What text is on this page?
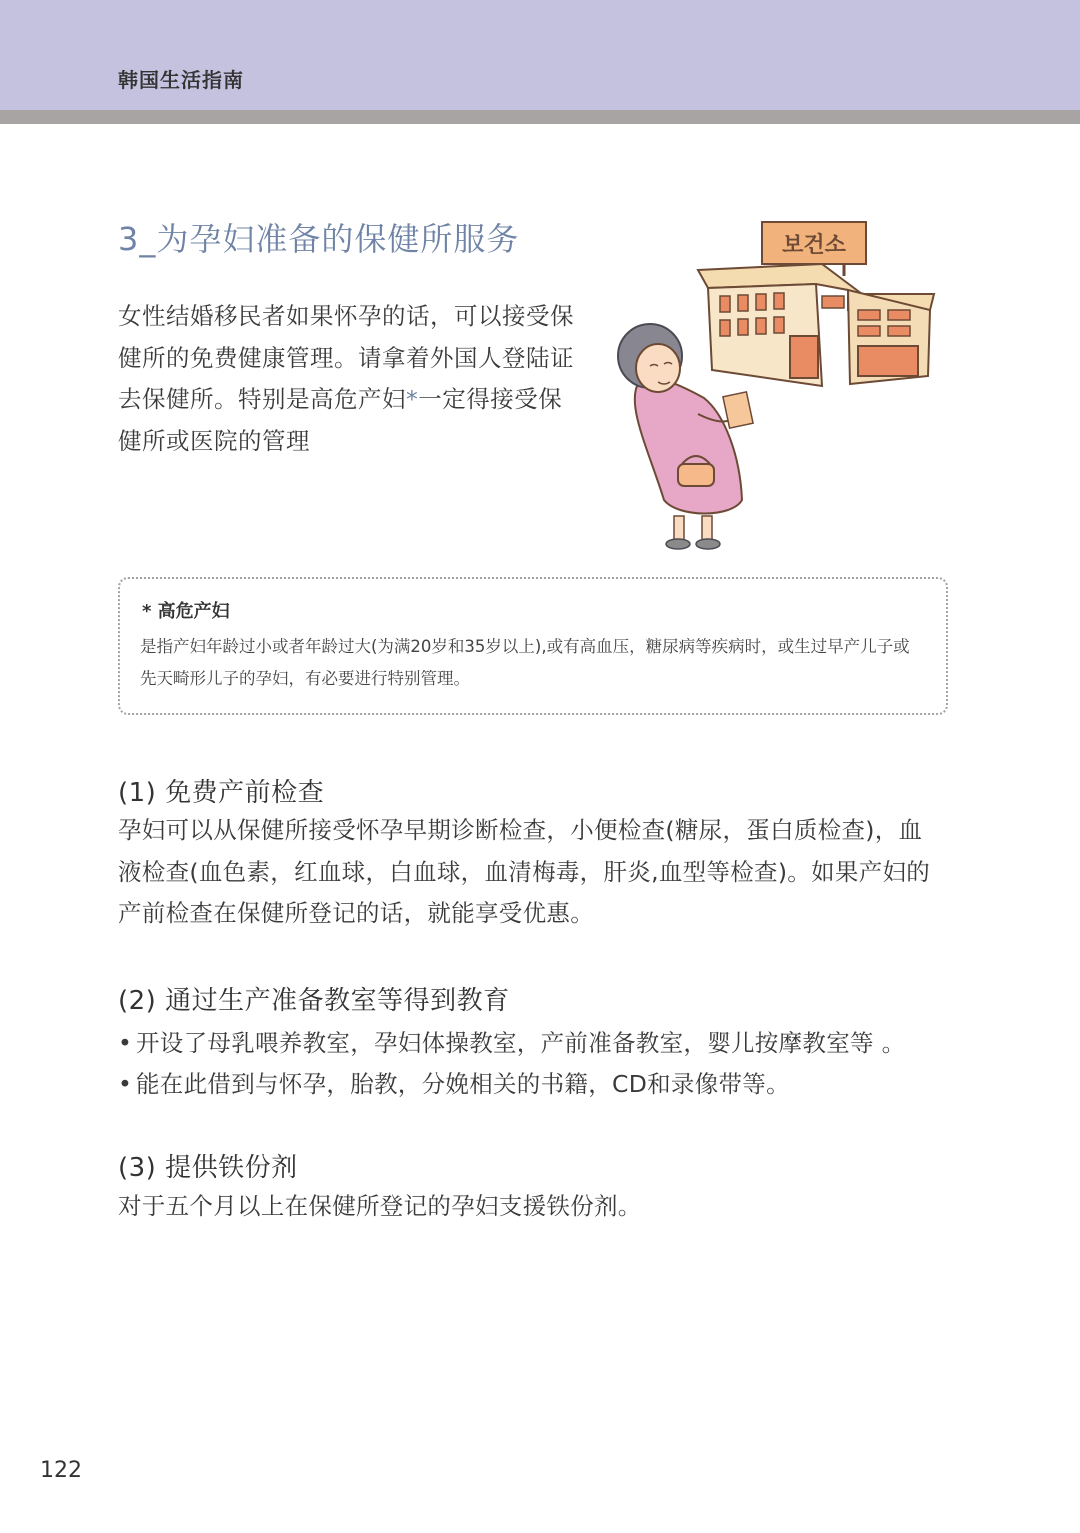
韩国生活指南
3_为孕妇准备的保健所服务
女性结婚移民者如果怀孕的话，可以接受保
健所的免费健康管理。请拿着外国人登陆证
去保健所。特别是高危产妇*一定得接受保
健所或医院的管理
보건소
* 高危产妇
是指产妇年龄过小或者年龄过大(为满20岁和35岁以上),或有高血压，糖尿病等疾病时，或生过早产儿子或
先天畸形儿子的孕妇，有必要进行特别管理。
(1) 免费产前检查
孕妇可以从保健所接受怀孕早期诊断检查，小便检查(糖尿，蛋白质检查)，血
液检查(血色素，红血球，白血球，血清梅毒，肝炎,血型等检查)。如果产妇的
产前检查在保健所登记的话，就能享受优惠。
(2) 通过生产准备教室等得到教育
• 开设了母乳喂养教室，孕妇体操教室，产前准备教室，婴儿按摩教室等 。
• 能在此借到与怀孕，胎教，分娩相关的书籍，CD和录像带等。
(3) 提供铁份剂
对于五个月以上在保健所登记的孕妇支援铁份剂。
122
